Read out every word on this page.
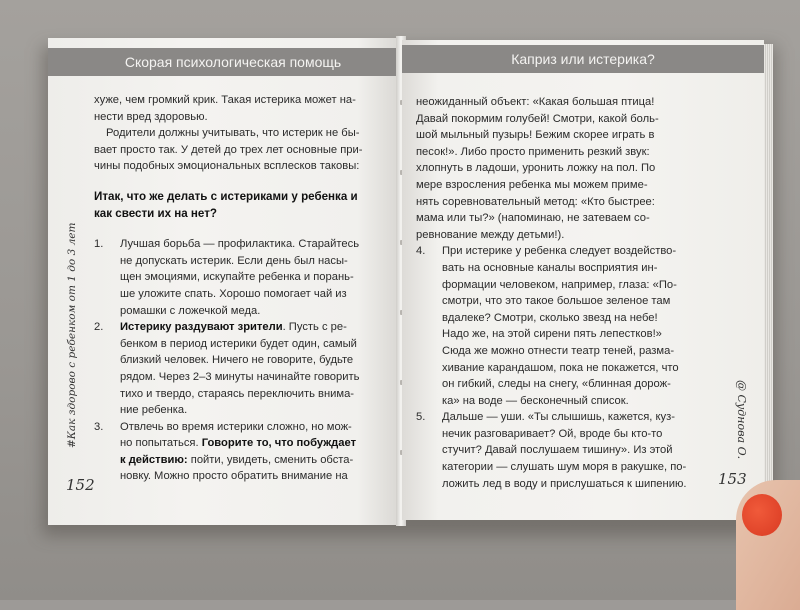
Скорая психологическая помощь
хуже, чем громкий крик. Такая истерика может на-
нести вред здоровью.
Родители должны учитывать, что истерик не бы-
вает просто так. У детей до трех лет основные при-
чины подобных эмоциональных всплесков таковы:
Итак, что же делать с истериками у ребенка и
как свести их на нет?
1. Лучшая борьба — профилактика. Старайтесь
не допускать истерик. Если день был насы-
щен эмоциями, искупайте ребенка и порань-
ше уложите спать. Хорошо помогает чай из
ромашки с ложечкой меда.
2. Истерику раздувают зрители. Пусть с ре-
бенком в период истерики будет один, самый
близкий человек. Ничего не говорите, будьте
рядом. Через 2–3 минуты начинайте говорить
тихо и твердо, стараясь переключить внима-
ние ребенка.
3. Отвлечь во время истерики сложно, но мож-
но попытаться. Говорите то, что побуждает
к действию: пойти, увидеть, сменить обста-
новку. Можно просто обратить внимание на
#Как здорово с ребенком от 1 до 3 лет
152
Каприз или истерика?
неожиданный объект: «Какая большая птица!
Давай покормим голубей! Смотри, какой боль-
шой мыльный пузырь! Бежим скорее играть в
песок!». Либо просто применить резкий звук:
хлопнуть в ладоши, уронить ложку на пол. По
мере взросления ребенка мы можем приме-
нять соревновательный метод: «Кто быстрее:
мама или ты?» (напоминаю, не затеваем со-
ревнование между детьми!).
4. При истерике у ребенка следует воздейство-
вать на основные каналы восприятия ин-
формации человеком, например, глаза: «По-
смотри, что это такое большое зеленое там
вдалеке? Смотри, сколько звезд на небе!
Надо же, на этой сирени пять лепестков!»
Сюда же можно отнести театр теней, разма-
хивание карандашом, пока не покажется, что
он гибкий, следы на снегу, «блинная дорож-
ка» на воде — бесконечный список.
5. Дальше — уши. «Ты слышишь, кажется, куз-
нечик разговаривает? Ой, вроде бы кто-то
стучит? Давай послушаем тишину». Из этой
категории — слушать шум моря в ракушке, по-
ложить лед в воду и прислушаться к шипению.
@ Суднова О.
153
